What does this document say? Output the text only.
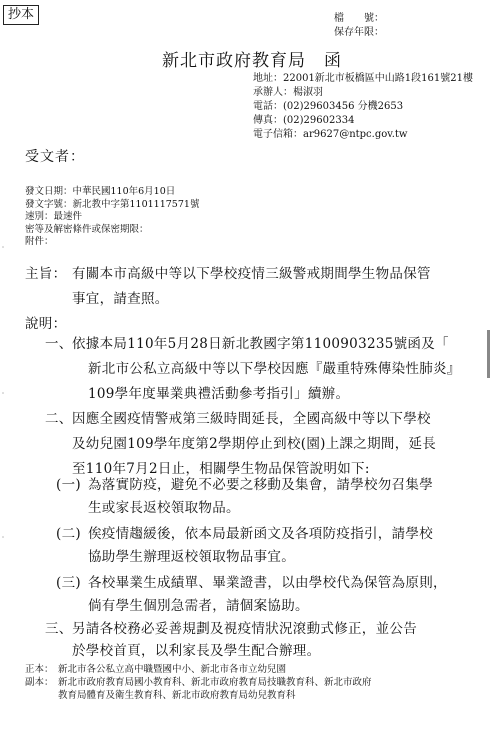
抄本	檔　　號：
保存年限：
新北市政府教育局　函
地址：22001新北市板橋區中山路1段161號21樓
承辦人：楊淑羽
電話：(02)29603456 分機2653
傳真：(02)29602334
電子信箱：ar9627@ntpc.gov.tw
受文者：
發文日期：中華民國110年6月10日
發文字號：新北教中字第1101117571號
速別：最速件
密等及解密條件或保密期限：
附件：
主旨： 有關本市高級中等以下學校疫情三級警戒期間學生物品保管
事宜，請查照。
說明：
一、 依據本局110年5月28日新北教國字第1100903235號函及「
新北市公私立高級中等以下學校因應『嚴重特殊傳染性肺炎』
109學年度畢業典禮活動參考指引」續辦。
二、 因應全國疫情警戒第三級時間延長，全國高級中等以下學校
及幼兒園109學年度第2學期停止到校(園)上課之期間，延長
至110年7月2日止，相關學生物品保管說明如下:
(一) 為落實防疫，避免不必要之移動及集會，請學校勿召集學
生或家長返校領取物品。
(二) 俟疫情趨緩後，依本局最新函文及各項防疫指引，請學校
協助學生辦理返校領取物品事宜。
(三) 各校畢業生成績單、畢業證書，以由學校代為保管為原則，
倘有學生個別急需者，請個案協助。
三、 另請各校務必妥善規劃及視疫情狀況滾動式修正，並公告
於學校首頁，以利家長及學生配合辦理。
正本： 新北市各公私立高中職暨國中小、新北市各市立幼兒園
副本： 新北市政府教育局國小教育科、新北市政府教育局技職教育科、新北市政府
教育局體育及衛生教育科、新北市政府教育局幼兒教育科
˙
˙
˙
